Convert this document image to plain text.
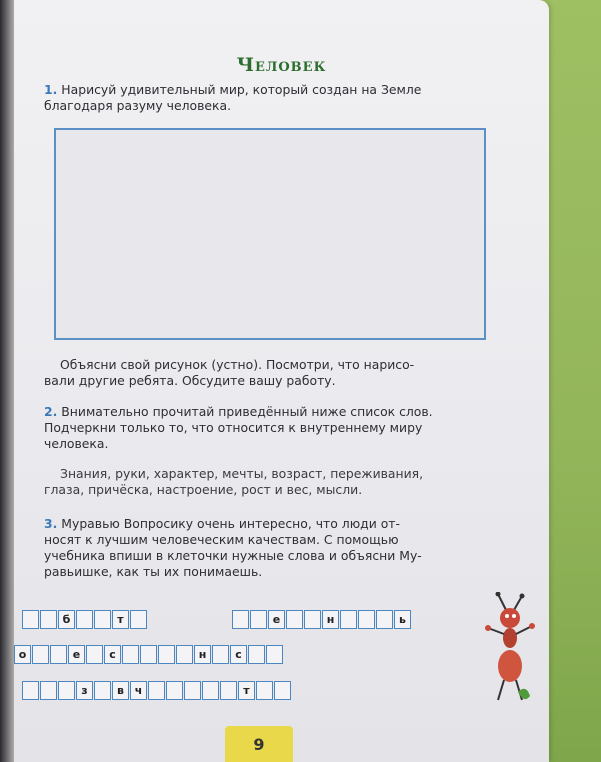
Человек
1. Нарисуй удивительный мир, который создан на Земле
благодаря разуму человека.
Объясни свой рисунок (устно). Посмотри, что нарисо-
вали другие ребята. Обсудите вашу работу.
2. Внимательно прочитай приведённый ниже список слов.
Подчеркни только то, что относится к внутреннему миру
человека.
Знания, руки, характер, мечты, возраст, переживания,
глаза, причёска, настроение, рост и вес, мысли.
3. Муравью Вопросику очень интересно, что люди от-
носят к лучшим человеческим качествам. С помощью
учебника впиши в клеточки нужные слова и объясни Му-
равьишке, как ты их понимаешь.
б	т	е	н	ь
о	е	с	н	с
з	в ч	т
9
